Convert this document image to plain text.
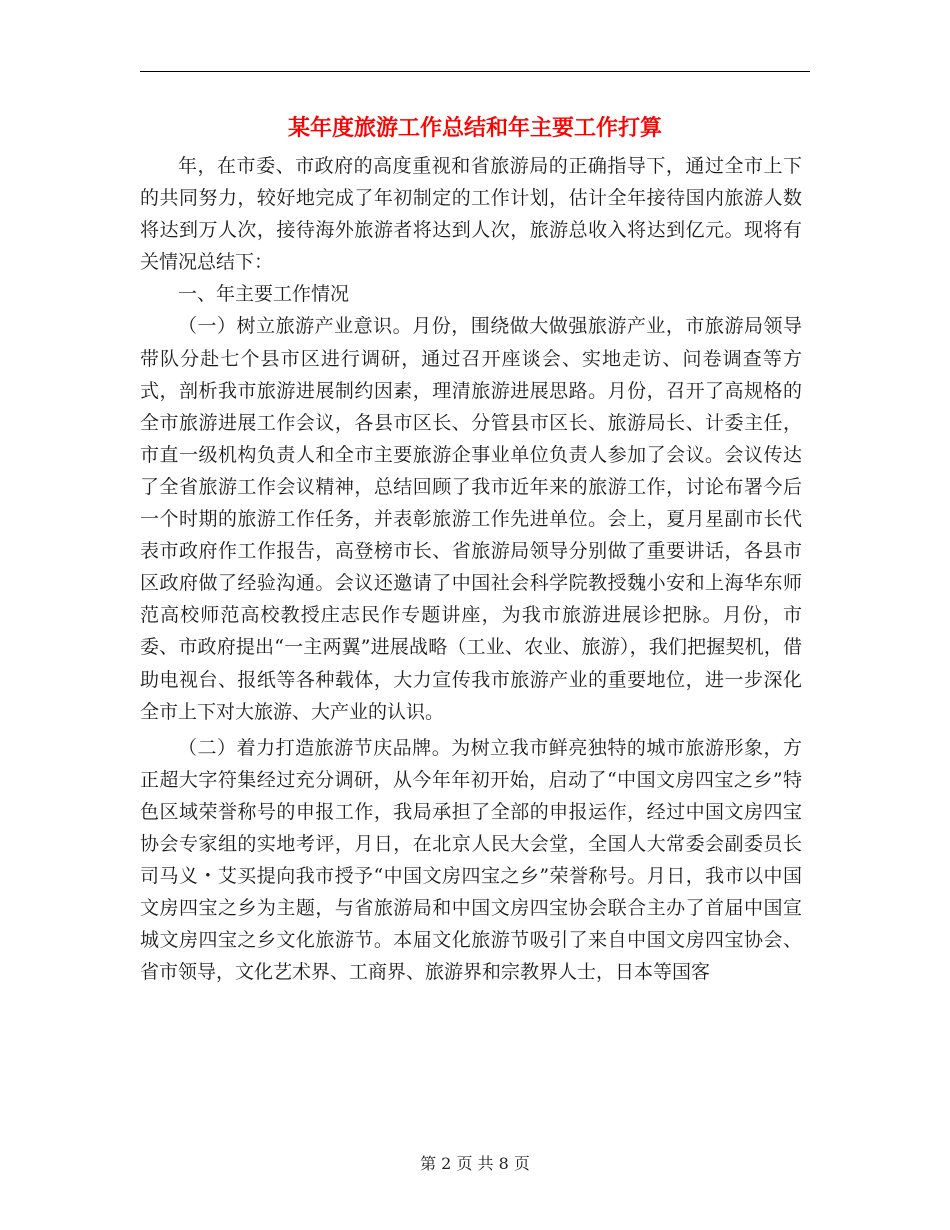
某年度旅游工作总结和年主要工作打算

年，在市委、市政府的高度重视和省旅游局的正确指导下，通过全市上下的共同努力，较好地完成了年初制定的工作计划，估计全年接待国内旅游人数将达到万人次，接待海外旅游者将达到人次，旅游总收入将达到亿元。现将有关情况总结下：

一、年主要工作情况

（一）树立旅游产业意识。月份，围绕做大做强旅游产业，市旅游局领导带队分赴七个县市区进行调研，通过召开座谈会、实地走访、问卷调查等方式，剖析我市旅游进展制约因素，理清旅游进展思路。月份，召开了高规格的全市旅游进展工作会议，各县市区长、分管县市区长、旅游局长、计委主任，市直一级机构负责人和全市主要旅游企事业单位负责人参加了会议。会议传达了全省旅游工作会议精神，总结回顾了我市近年来的旅游工作，讨论布署今后一个时期的旅游工作任务，并表彰旅游工作先进单位。会上，夏月星副市长代表市政府作工作报告，高登榜市长、省旅游局领导分别做了重要讲话，各县市区政府做了经验沟通。会议还邀请了中国社会科学院教授魏小安和上海华东师范高校师范高校教授庄志民作专题讲座，为我市旅游进展诊把脉。月份，市委、市政府提出“一主两翼”进展战略（工业、农业、旅游），我们把握契机，借助电视台、报纸等各种载体，大力宣传我市旅游产业的重要地位，进一步深化全市上下对大旅游、大产业的认识。

（二）着力打造旅游节庆品牌。为树立我市鲜亮独特的城市旅游形象，方正超大字符集经过充分调研，从今年年初开始，启动了“中国文房四宝之乡”特色区域荣誉称号的申报工作，我局承担了全部的申报运作，经过中国文房四宝协会专家组的实地考评，月日，在北京人民大会堂，全国人大常委会副委员长司马义・艾买提向我市授予“中国文房四宝之乡”荣誉称号。月日，我市以中国文房四宝之乡为主题，与省旅游局和中国文房四宝协会联合主办了首届中国宣城文房四宝之乡文化旅游节。本届文化旅游节吸引了来自中国文房四宝协会、省市领导，文化艺术界、工商界、旅游界和宗教界人士，日本等国客

第 2 页 共 8 页
